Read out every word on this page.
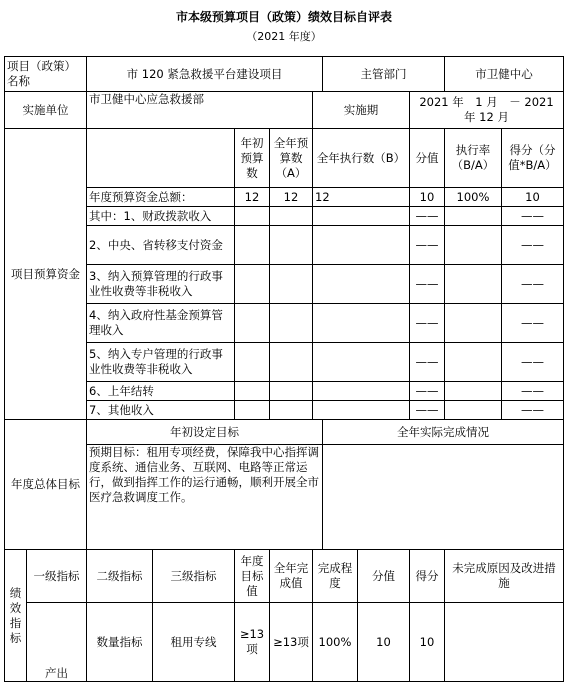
市本级预算项目（政策）绩效目标自评表
（2021 年度）
项目（政策）名称		市 120 紧急救援平台建设项目					主管部门			市卫健中心	
实施单位		市卫健中心应急救援部				实施期			2021 年　1 月　－ 2021 年 12 月		
项目预算资金				年初预算数	全年预算数（A）	全年执行数（B）			分值	执行率（B/A）	得分（分值*B/A）
		年度预算资金总额：		12	12	12			10	100%	10
		其中：1、财政拨款收入							——		——
		2、中央、省转移支付资金							——		——
		3、纳入预算管理的行政事业性收费等非税收入							——		——
		4、纳入政府性基金预算管理收入							——		——
		5、纳入专户管理的行政事业性收费等非税收入							——		——
		6、上年结转							——		——
		7、其他收入							——		——
年度总体目标		年初设定目标					全年实际完成情况				
		预期目标：租用专项经费，保障我中心指挥调度系统、通信业务、互联网、电路等正常运行，做到指挥工作的运行通畅，顺利开展全市医疗急救调度工作。									
绩效指标	一级指标	二级指标	三级指标	年度目标值	全年完成值	完成程度		分值	得分	未完成原因及改进措施	
	产出	数量指标	租用专线	≥13项	≥13项	100%		10	10		
